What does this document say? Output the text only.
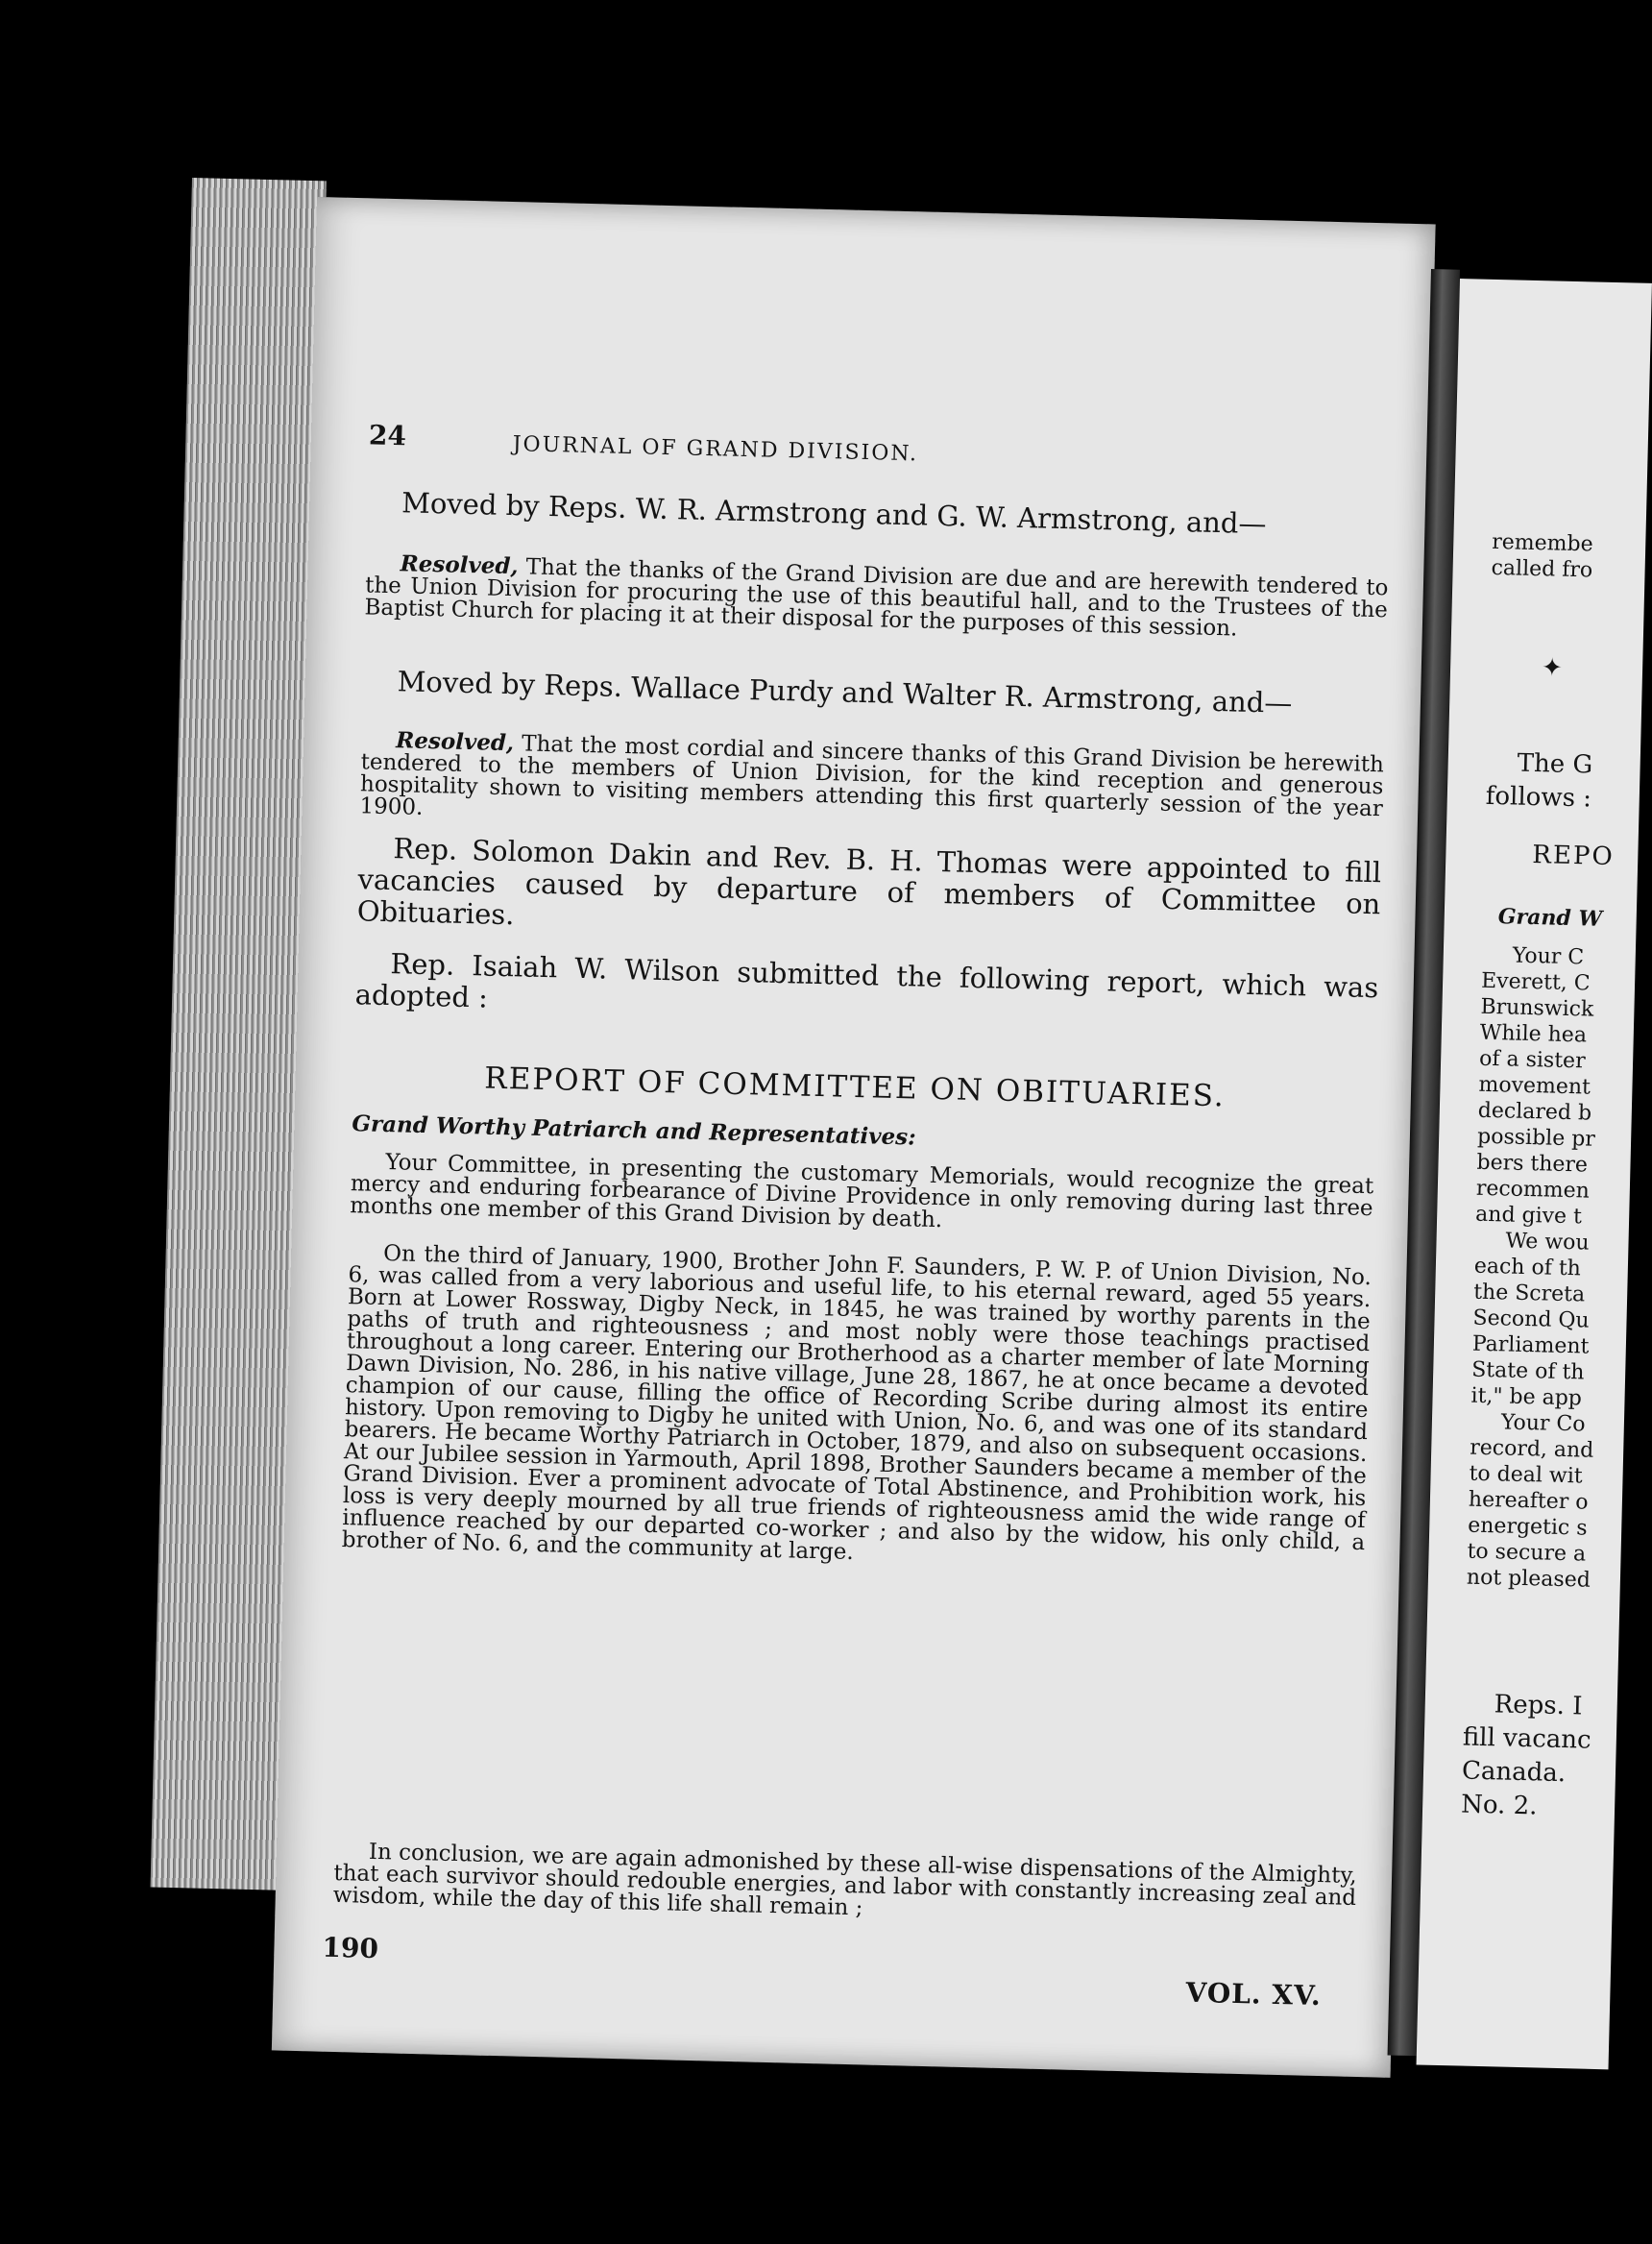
24	JOURNAL OF GRAND DIVISION.
Moved by Reps. W. R. Armstrong and G. W. Armstrong, and—
Resolved, That the thanks of the Grand Division are due and are herewith tendered to the Union Division for procuring the use of this beautiful hall, and to the Trustees of the Baptist Church for placing it at their disposal for the purposes of this session.
Moved by Reps. Wallace Purdy and Walter R. Armstrong, and—
Resolved, That the most cordial and sincere thanks of this Grand Division be herewith tendered to the members of Union Division, for the kind reception and generous hospitality shown to visiting members attending this first quarterly session of the year 1900.
Rep. Solomon Dakin and Rev. B. H. Thomas were appointed to fill vacancies caused by departure of members of Committee on Obituaries.
Rep. Isaiah W. Wilson submitted the following report, which was adopted :
REPORT OF COMMITTEE ON OBITUARIES.
Grand Worthy Patriarch and Representatives:
Your Committee, in presenting the customary Memorials, would recognize the great mercy and enduring forbearance of Divine Providence in only removing during last three months one member of this Grand Division by death.
On the third of January, 1900, Brother John F. Saunders, P. W. P. of Union Division, No. 6, was called from a very laborious and useful life, to his eternal reward, aged 55 years. Born at Lower Rossway, Digby Neck, in 1845, he was trained by worthy parents in the paths of truth and righteousness ; and most nobly were those teachings practised throughout a long career. Entering our Brotherhood as a charter member of late Morning Dawn Division, No. 286, in his native village, June 28, 1867, he at once became a devoted champion of our cause, filling the office of Recording Scribe during almost its entire history. Upon removing to Digby he united with Union, No. 6, and was one of its standard bearers. He became Worthy Patriarch in October, 1879, and also on subsequent occasions. At our Jubilee session in Yarmouth, April 1898, Brother Saunders became a member of the Grand Division. Ever a prominent advocate of Total Abstinence, and Prohibition work, his loss is very deeply mourned by all true friends of righteousness amid the wide range of influence reached by our departed co-worker ; and also by the widow, his only child, a brother of No. 6, and the community at large.
In conclusion, we are again admonished by these all-wise dispensations of the Almighty, that each survivor should redouble energies, and labor with constantly increasing zeal and wisdom, while the day of this life shall remain ;
190
VOL. XV.
remembe
called fro
✦
The G
follows :
REPO
Grand W
Your C
Everett, C
Brunswick
While hea
of a sister
movement
declared b
possible pr
bers there
recommen
and give t
We wou
each of th
the Screta
Second Qu
Parliament
State of th
it," be app
Your Co
record, and
to deal wit
hereafter o
energetic s
to secure a
not pleased
Reps. I
fill vacanc
Canada.
No. 2.
